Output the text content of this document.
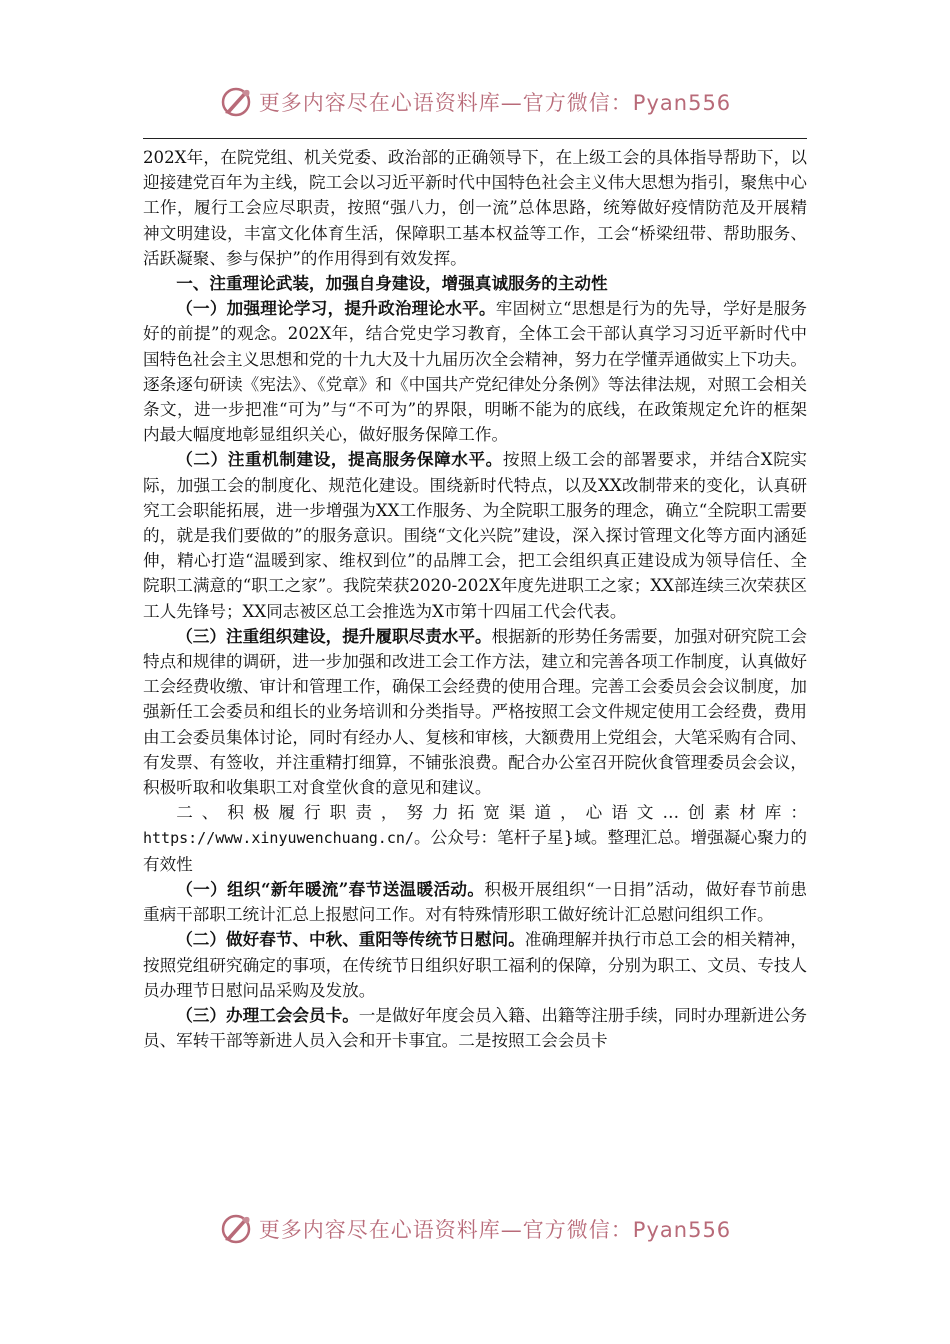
更多内容尽在心语资料库—官方微信：Pyan556

202X年，在院党组、机关党委、政治部的正确领导下，在上级工会的具体指导帮助下，以迎接建党百年为主线，院工会以习近平新时代中国特色社会主义伟大思想为指引，聚焦中心工作，履行工会应尽职责，按照“强八力，创一流”总体思路，统筹做好疫情防范及开展精神文明建设，丰富文化体育生活，保障职工基本权益等工作，工会“桥梁纽带、帮助服务、活跃凝聚、参与保护”的作用得到有效发挥。

一、注重理论武装，加强自身建设，增强真诚服务的主动性

（一）加强理论学习，提升政治理论水平。牢固树立“思想是行为的先导，学好是服务好的前提”的观念。202X年，结合党史学习教育，全体工会干部认真学习习近平新时代中国特色社会主义思想和党的十九大及十九届历次全会精神，努力在学懂弄通做实上下功夫。逐条逐句研读《宪法》、《党章》和《中国共产党纪律处分条例》等法律法规，对照工会相关条文，进一步把准“可为”与“不可为”的界限，明晰不能为的底线，在政策规定允许的框架内最大幅度地彰显组织关心，做好服务保障工作。

（二）注重机制建设，提高服务保障水平。按照上级工会的部署要求，并结合X院实际，加强工会的制度化、规范化建设。围绕新时代特点，以及XX改制带来的变化，认真研究工会职能拓展，进一步增强为XX工作服务、为全院职工服务的理念，确立“全院职工需要的，就是我们要做的”的服务意识。围绕“文化兴院”建设，深入探讨管理文化等方面内涵延伸，精心打造“温暖到家、维权到位”的品牌工会，把工会组织真正建设成为领导信任、全院职工满意的“职工之家”。我院荣获2020-202X年度先进职工之家；XX部连续三次荣获区工人先锋号；XX同志被区总工会推选为X市第十四届工代会代表。

（三）注重组织建设，提升履职尽责水平。根据新的形势任务需要，加强对研究院工会特点和规律的调研，进一步加强和改进工会工作方法，建立和完善各项工作制度，认真做好工会经费收缴、审计和管理工作，确保工会经费的使用合理。完善工会委员会会议制度，加强新任工会委员和组长的业务培训和分类指导。严格按照工会文件规定使用工会经费，费用由工会委员集体讨论，同时有经办人、复核和审核，大额费用上党组会，大笔采购有合同、有发票、有签收，并注重精打细算，不铺张浪费。配合办公室召开院伙食管理委员会会议，积极听取和收集职工对食堂伙食的意见和建议。

二、积极履行职责，努力拓宽渠道，心语文…创素材库：https://www.xinyuwenchuang.cn/。公众号：笔杆子星}域。整理汇总。增强凝心聚力的有效性

（一）组织“新年暖流”春节送温暖活动。积极开展组织“一日捐”活动，做好春节前患重病干部职工统计汇总上报慰问工作。对有特殊情形职工做好统计汇总慰问组织工作。

（二）做好春节、中秋、重阳等传统节日慰问。准确理解并执行市总工会的相关精神，按照党组研究确定的事项，在传统节日组织好职工福利的保障，分别为职工、文员、专技人员办理节日慰问品采购及发放。

（三）办理工会会员卡。一是做好年度会员入籍、出籍等注册手续，同时办理新进公务员、军转干部等新进人员入会和开卡事宜。二是按照工会会员卡

更多内容尽在心语资料库—官方微信：Pyan556
